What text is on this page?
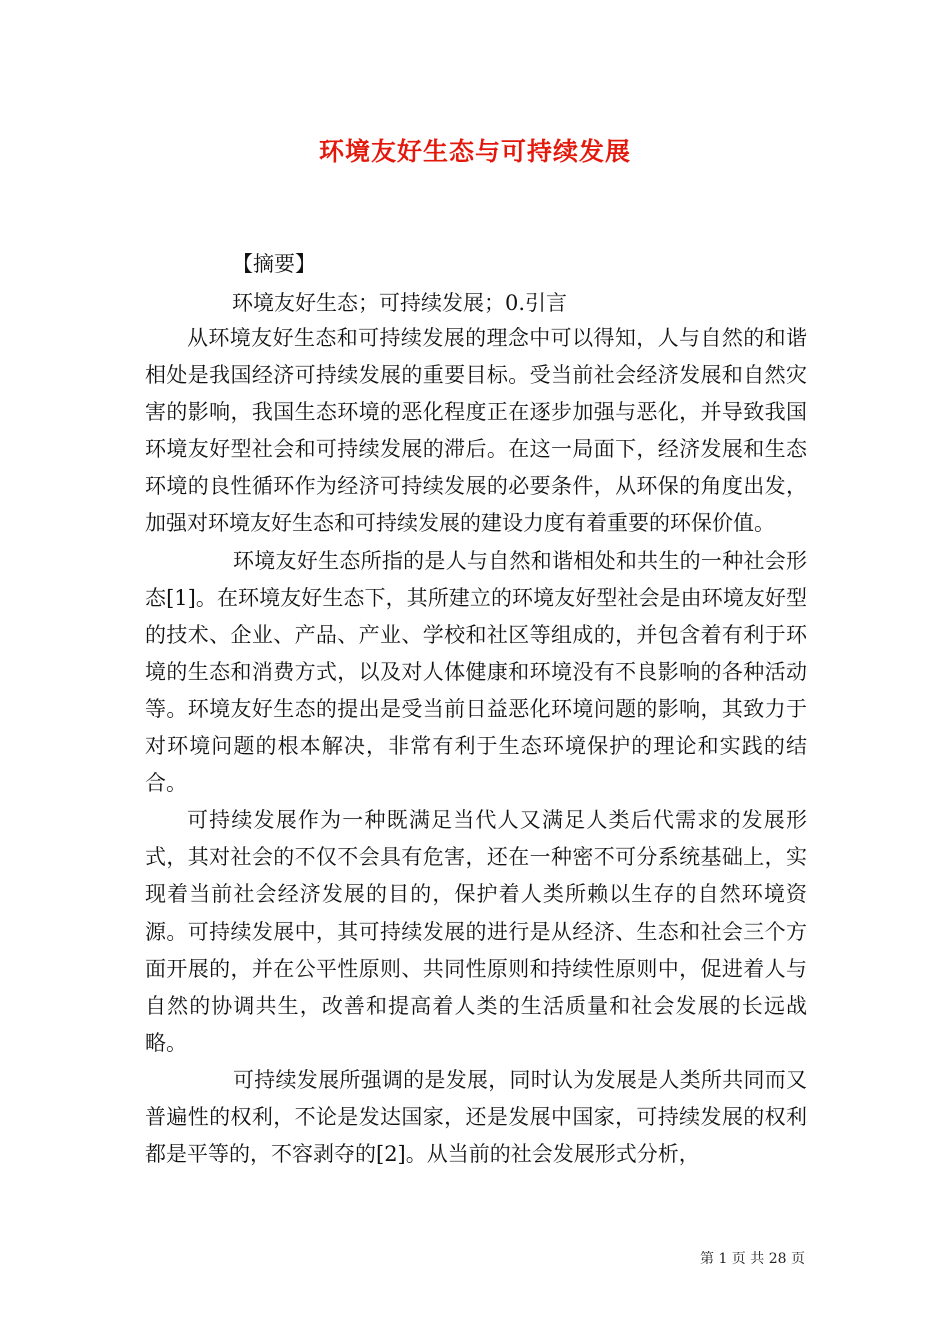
环境友好生态与可持续发展
【摘要】
环境友好生态；可持续发展；0.引言

从环境友好生态和可持续发展的理念中可以得知，人与自然的和谐相处是我国经济可持续发展的重要目标。受当前社会经济发展和自然灾害的影响，我国生态环境的恶化程度正在逐步加强与恶化，并导致我国环境友好型社会和可持续发展的滞后。在这一局面下，经济发展和生态环境的良性循环作为经济可持续发展的必要条件，从环保的角度出发，加强对环境友好生态和可持续发展的建设力度有着重要的环保价值。

环境友好生态所指的是人与自然和谐相处和共生的一种社会形态[1]。在环境友好生态下，其所建立的环境友好型社会是由环境友好型的技术、企业、产品、产业、学校和社区等组成的，并包含着有利于环境的生态和消费方式，以及对人体健康和环境没有不良影响的各种活动等。环境友好生态的提出是受当前日益恶化环境问题的影响，其致力于对环境问题的根本解决，非常有利于生态环境保护的理论和实践的结合。

可持续发展作为一种既满足当代人又满足人类后代需求的发展形式，其对社会的不仅不会具有危害，还在一种密不可分系统基础上，实现着当前社会经济发展的目的，保护着人类所赖以生存的自然环境资源。可持续发展中，其可持续发展的进行是从经济、生态和社会三个方面开展的，并在公平性原则、共同性原则和持续性原则中，促进着人与自然的协调共生，改善和提高着人类的生活质量和社会发展的长远战略。

可持续发展所强调的是发展，同时认为发展是人类所共同而又普遍性的权利，不论是发达国家，还是发展中国家，可持续发展的权利都是平等的，不容剥夺的[2]。从当前的社会发展形式分析，

第 1 页 共 28 页
